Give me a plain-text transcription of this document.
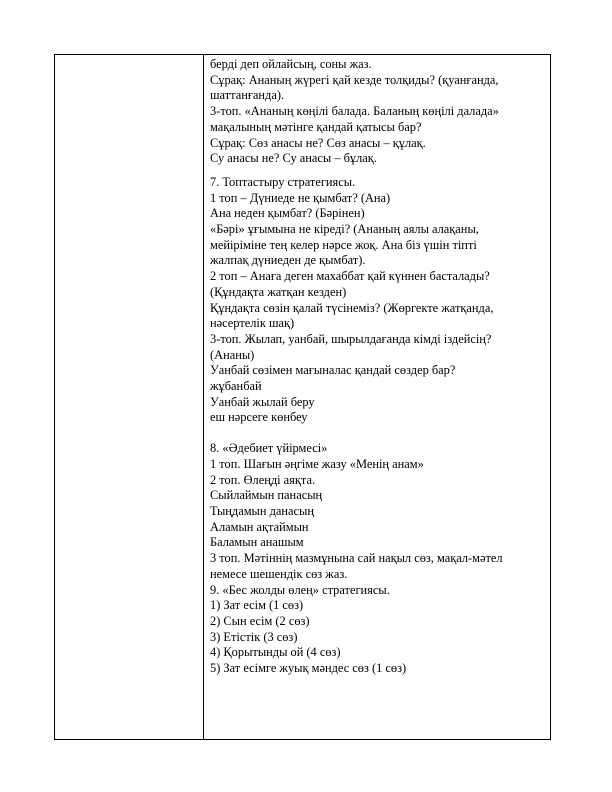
берді деп ойлайсың, соны жаз.
Сұрақ: Ананың жүрегі қай кезде толқиды? (қуанғанда,
шаттанғанда).
3-топ. «Ананың көңілі балада. Баланың көңілі далада»
мақалының мәтінге қандай қатысы бар?
Сұрақ: Сөз анасы не? Сөз анасы – құлақ.
Су анасы не? Су анасы – бұлақ.
7. Топтастыру стратегиясы.
1 топ – Дүниеде не қымбат? (Ана)
Ана неден қымбат? (Бәрінен)
«Бәрі» ұғымына не кіреді? (Ананың аялы алақаны,
мейіріміне тең келер нәрсе жоқ. Ана біз үшін тіпті
жалпақ дүниеден де қымбат).
2 топ – Анаға деген махаббат қай күннен басталады?
(Құндақта жатқан кезден)
Құндақта сөзін қалай түсінеміз? (Жөргекте жатқанда,
нәсертелік шақ)
3-топ. Жылап, уанбай, шырылдағанда кімді іздейсің?
(Ананы)
Уанбай сөзімен мағыналас қандай сөздер бар?
жұбанбай
Уанбай жылай беру
еш нәрсеге көнбеу
8. «Әдебиет үйірмесі»
1 топ. Шағын әңгіме жазу «Менің анам»
2 топ. Өлеңді аяқта.
Сыйлаймын панасың
Тыңдамын данасың
Аламын ақтаймын
Баламын анашым
3 топ. Мәтіннің мазмұнына сай нақыл сөз, мақал-мәтел
немесе шешендік сөз жаз.
9. «Бес жолды өлең» стратегиясы.
1) Зат есім (1 сөз)
2) Сын есім (2 сөз)
3) Етістік (3 сөз)
4) Қорытынды ой (4 сөз)
5) Зат есімге жуық мәндес сөз (1 сөз)
